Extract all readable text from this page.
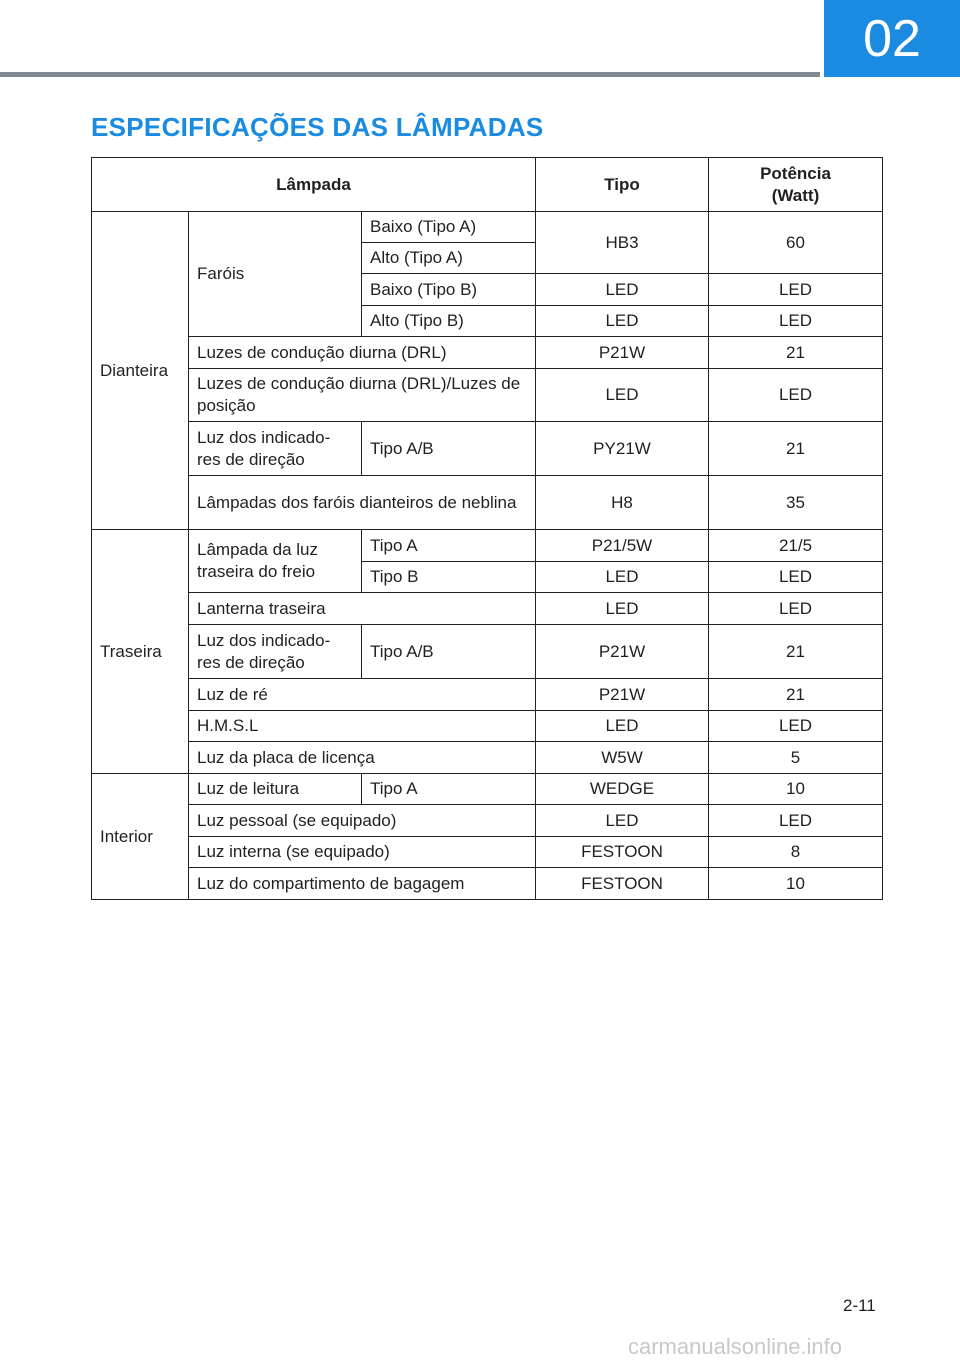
02
ESPECIFICAÇÕES DAS LÂMPADAS
Lâmpada			Tipo	Potência
(Watt)
Dianteira	Faróis	Baixo (Tipo A)	HB3	60
		Alto (Tipo A)		
		Baixo (Tipo B)	LED	LED
		Alto (Tipo B)	LED	LED
	Luzes de condução diurna (DRL)		P21W	21
	Luzes de condução diurna (DRL)/Luzes de posição		LED	LED
	Luz dos indicado-res de direção	Tipo A/B	PY21W	21
	Lâmpadas dos faróis dianteiros de neblina		H8	35
Traseira	Lâmpada da luz traseira do freio	Tipo A	P21/5W	21/5
		Tipo B	LED	LED
	Lanterna traseira		LED	LED
	Luz dos indicado-res de direção	Tipo A/B	P21W	21
	Luz de ré		P21W	21
	H.M.S.L		LED	LED
	Luz da placa de licença		W5W	5
Interior	Luz de leitura	Tipo A	WEDGE	10
	Luz pessoal (se equipado)		LED	LED
	Luz interna (se equipado)		FESTOON	8
	Luz do compartimento de bagagem		FESTOON	10
2-11
carmanualsonline.info
